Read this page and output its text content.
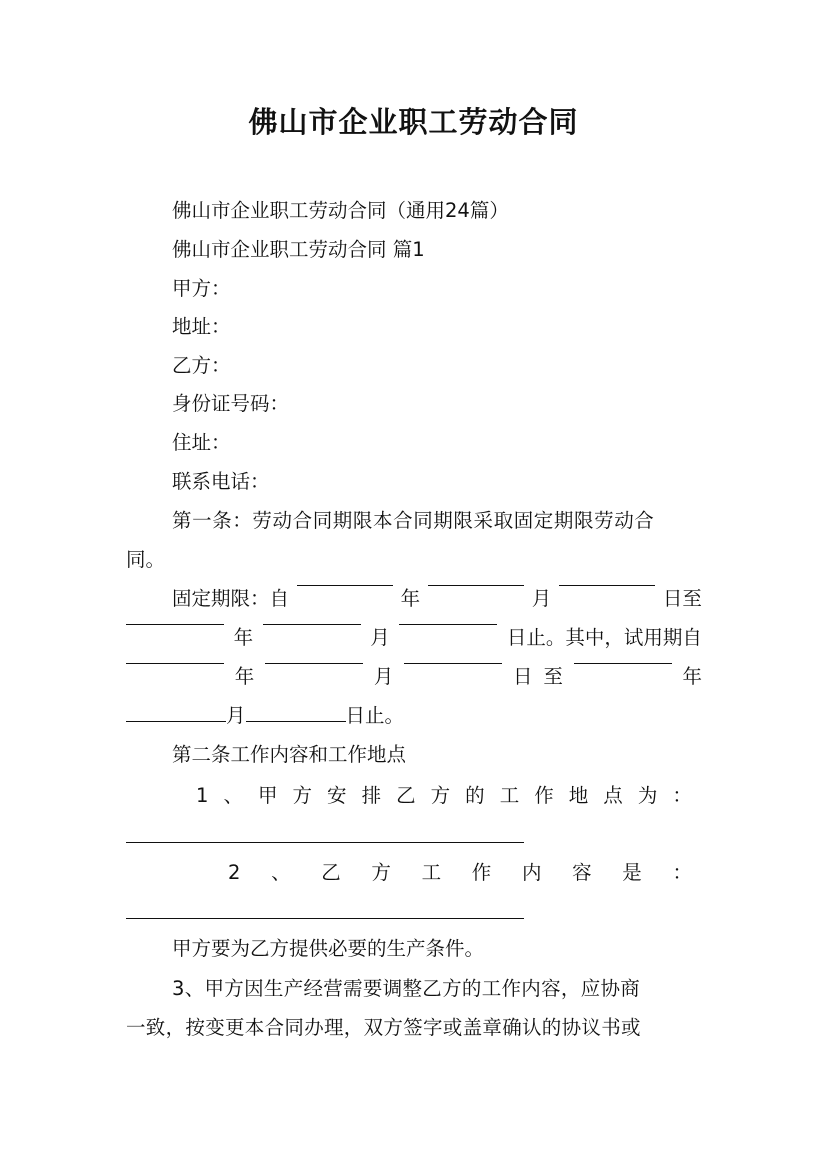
佛山市企业职工劳动合同
佛山市企业职工劳动合同（通用24篇）
佛山市企业职工劳动合同 篇1
甲方：
地址：
乙方：
身份证号码：
住址：
联系电话：
第一条：劳动合同期限本合同期限采取固定期限劳动合
同。
固定期限：自	年	月	日至
年	月	日止。其中，试用期自
年	月	日 至	年
月	日止。
第二条工作内容和工作地点
1 、 甲 方 安 排 乙 方 的 工 作 地 点 为 ：
2 、 乙 方 工 作 内 容 是 ：
甲方要为乙方提供必要的生产条件。
3、甲方因生产经营需要调整乙方的工作内容，应协商
一致，按变更本合同办理，双方签字或盖章确认的协议书或
